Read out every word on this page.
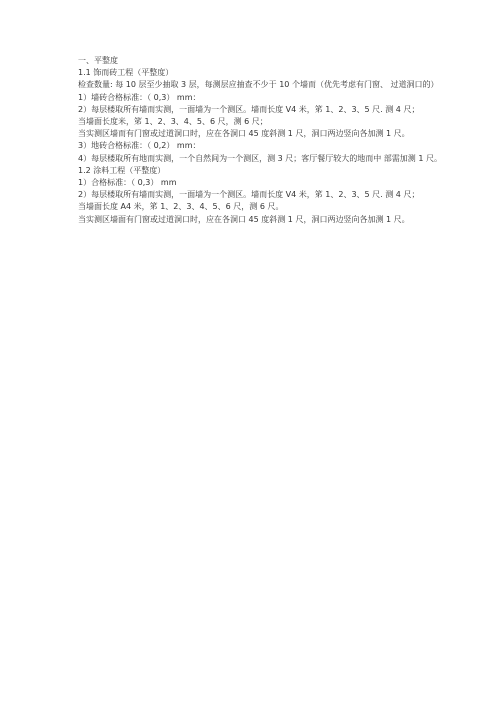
一、平整度
1.1 饰而砖工程（平整度）
检查数量: 每 10 层至少抽取 3 层，每测层应抽查不少于 10 个墙而（优先考虑有门窗、 过道洞口的）
1）墙砖合格标准：（ 0,3） mm：
2）每层楼取所有墙而实测，一面墙为一个测区。墙而长度 V4 米，笫 1、2、3、5 尺. 测 4 尺；
当墙面长度米，笫 1、2、3、4、5、6 尺，测 6 尺；
当实测区墙而有门窗或过道洞口时，应在各洞口 45 度斜测 1 尺，洞口两边竖向各加测 1 尺。
3）地砖合格标准：（ 0,2） mm：
4）每层楼取所有地而实测，一个自然间为一个测区，测 3 尺；客厅餐厅较大的地而中 部需加测 1 尺。
1.2 涂料工程（平整度）
1）合格标准：（ 0,3） mm
2）每层楼取所有墙而实测，一面墙为一个测区。墙而长度 V4 米，笫 1、2、3、5 尺. 测 4 尺；
当墙面长度 A4 米，笫 1、2、3、4、5、6 尺，测 6 尺。
当实测区墙面有门窗或过道洞口时，应在各洞口 45 度斜测 1 尺，洞口两边竖向各加测 1 尺。
